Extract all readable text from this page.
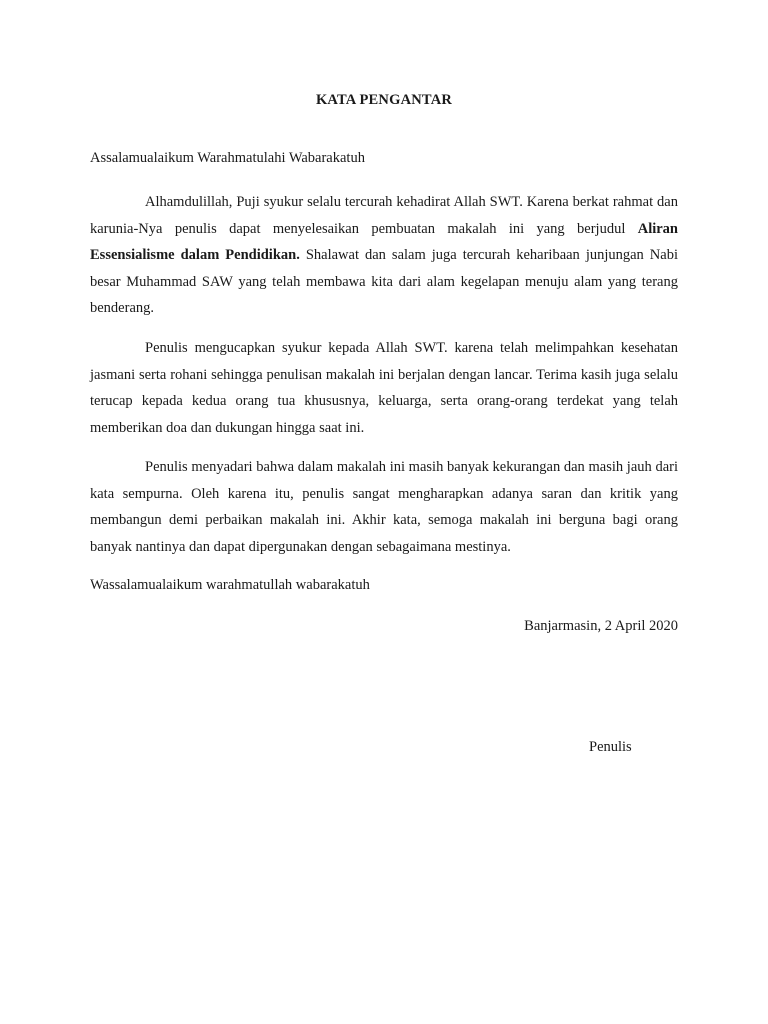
KATA PENGANTAR

Assalamualaikum Warahmatulahi Wabarakatuh

Alhamdulillah, Puji syukur selalu tercurah kehadirat Allah SWT. Karena berkat rahmat dan karunia-Nya penulis dapat menyelesaikan pembuatan makalah ini yang berjudul Aliran Essensialisme dalam Pendidikan. Shalawat dan salam juga tercurah keharibaan junjungan Nabi besar Muhammad SAW yang telah membawa kita dari alam kegelapan menuju alam yang terang benderang.

Penulis mengucapkan syukur kepada Allah SWT. karena telah melimpahkan kesehatan jasmani serta rohani sehingga penulisan makalah ini berjalan dengan lancar. Terima kasih juga selalu terucap kepada kedua orang tua khususnya, keluarga, serta orang-orang terdekat yang telah memberikan doa dan dukungan hingga saat ini.

Penulis menyadari bahwa dalam makalah ini masih banyak kekurangan dan masih jauh dari kata sempurna. Oleh karena itu, penulis sangat mengharapkan adanya saran dan kritik yang membangun demi perbaikan makalah ini. Akhir kata, semoga makalah ini berguna bagi orang banyak nantinya dan dapat dipergunakan dengan sebagaimana mestinya.

Wassalamualaikum warahmatullah wabarakatuh

Banjarmasin, 2 April 2020

Penulis
